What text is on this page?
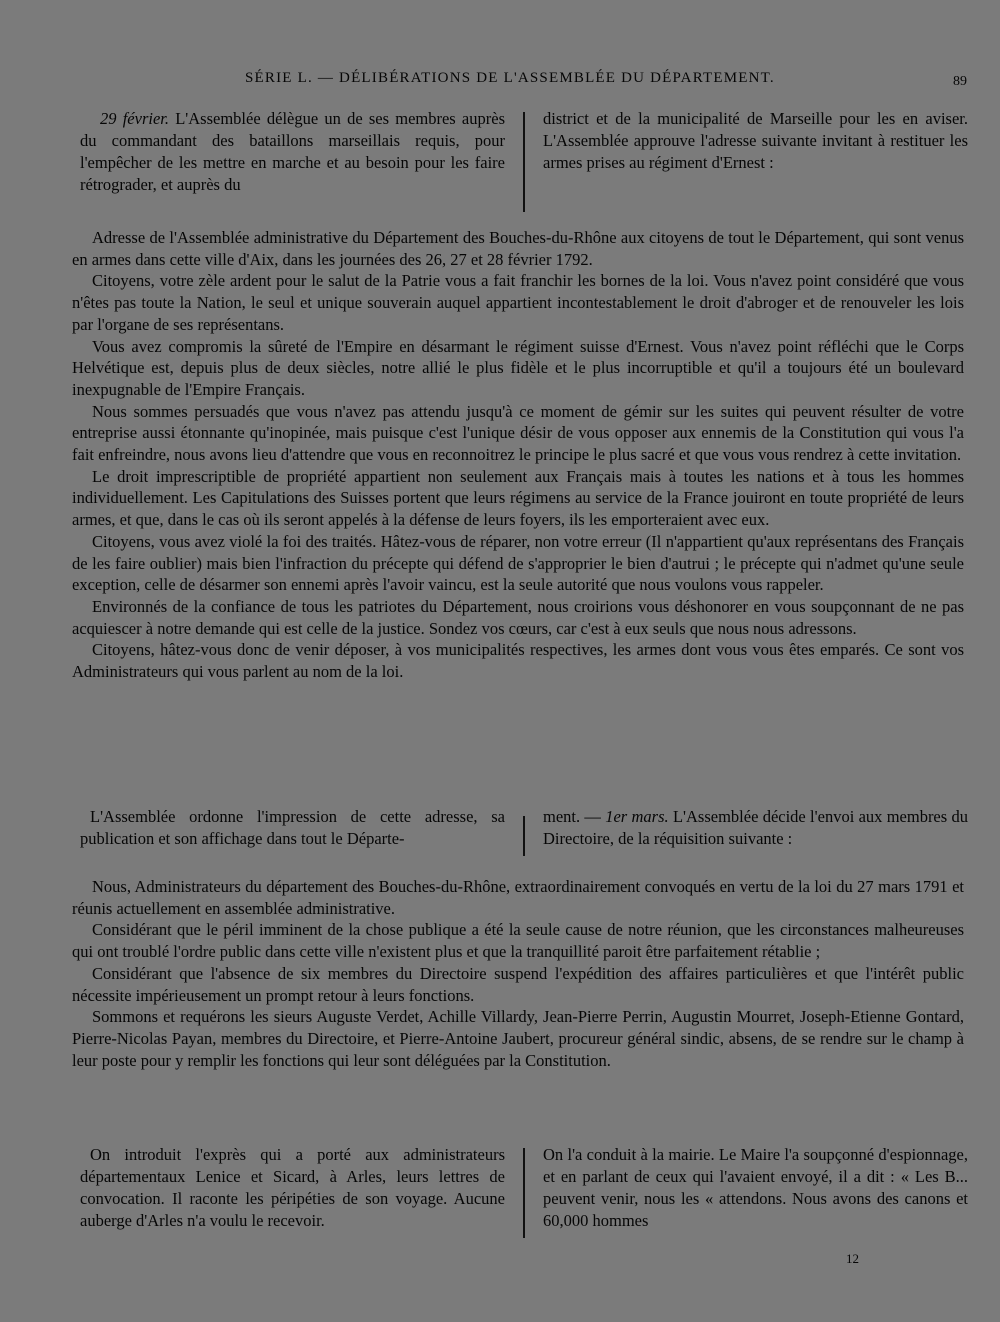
SÉRIE L. — DÉLIBÉRATIONS DE L'ASSEMBLÉE DU DÉPARTEMENT.	89
29 février. L'Assemblée délègue un de ses membres auprès du commandant des bataillons marseillais requis, pour l'empêcher de les mettre en marche et au besoin pour les faire rétrograder, et auprès du
district et de la municipalité de Marseille pour les en aviser. L'Assemblée approuve l'adresse suivante invitant à restituer les armes prises au régiment d'Ernest :

Adresse de l'Assemblée administrative du Département des Bouches-du-Rhône aux citoyens de tout le Département, qui sont venus en armes dans cette ville d'Aix, dans les journées des 26, 27 et 28 février 1792.

Citoyens, votre zèle ardent pour le salut de la Patrie vous a fait franchir les bornes de la loi. Vous n'avez point considéré que vous n'êtes pas toute la Nation, le seul et unique souverain auquel appartient incontestablement le droit d'abroger et de renouveler les lois par l'organe de ses représentans.

Vous avez compromis la sûreté de l'Empire en désarmant le régiment suisse d'Ernest. Vous n'avez point réfléchi que le Corps Helvétique est, depuis plus de deux siècles, notre allié le plus fidèle et le plus incorruptible et qu'il a toujours été un boulevard inexpugnable de l'Empire Français.

Nous sommes persuadés que vous n'avez pas attendu jusqu'à ce moment de gémir sur les suites qui peuvent résulter de votre entreprise aussi étonnante qu'inopinée, mais puisque c'est l'unique désir de vous opposer aux ennemis de la Constitution qui vous l'a fait enfreindre, nous avons lieu d'attendre que vous en reconnoitrez le principe le plus sacré et que vous vous rendrez à cette invitation.

Le droit imprescriptible de propriété appartient non seulement aux Français mais à toutes les nations et à tous les hommes individuellement. Les Capitulations des Suisses portent que leurs régimens au service de la France jouiront en toute propriété de leurs armes, et que, dans le cas où ils seront appelés à la défense de leurs foyers, ils les emporteraient avec eux.

Citoyens, vous avez violé la foi des traités. Hâtez-vous de réparer, non votre erreur (Il n'appartient qu'aux représentans des Français de les faire oublier) mais bien l'infraction du précepte qui défend de s'approprier le bien d'autrui ; le précepte qui n'admet qu'une seule exception, celle de désarmer son ennemi après l'avoir vaincu, est la seule autorité que nous voulons vous rappeler.

Environnés de la confiance de tous les patriotes du Département, nous croirions vous déshonorer en vous soupçonnant de ne pas acquiescer à notre demande qui est celle de la justice. Sondez vos cœurs, car c'est à eux seuls que nous nous adressons.

Citoyens, hâtez-vous donc de venir déposer, à vos municipalités respectives, les armes dont vous vous êtes emparés. Ce sont vos Administrateurs qui vous parlent au nom de la loi.

L'Assemblée ordonne l'impression de cette adresse, sa publication et son affichage dans tout le Départe-
ment. — 1er mars. L'Assemblée décide l'envoi aux membres du Directoire, de la réquisition suivante :

Nous, Administrateurs du département des Bouches-du-Rhône, extraordinairement convoqués en vertu de la loi du 27 mars 1791 et réunis actuellement en assemblée administrative.

Considérant que le péril imminent de la chose publique a été la seule cause de notre réunion, que les circonstances malheureuses qui ont troublé l'ordre public dans cette ville n'existent plus et que la tranquillité paroit être parfaitement rétablie ;

Considérant que l'absence de six membres du Directoire suspend l'expédition des affaires particulières et que l'intérêt public nécessite impérieusement un prompt retour à leurs fonctions.

Sommons et requérons les sieurs Auguste Verdet, Achille Villardy, Jean-Pierre Perrin, Augustin Mourret, Joseph-Etienne Gontard, Pierre-Nicolas Payan, membres du Directoire, et Pierre-Antoine Jaubert, procureur général sindic, absens, de se rendre sur le champ à leur poste pour y remplir les fonctions qui leur sont déléguées par la Constitution.

On introduit l'exprès qui a porté aux administrateurs départementaux Lenice et Sicard, à Arles, leurs lettres de convocation. Il raconte les péripéties de son voyage. Aucune auberge d'Arles n'a voulu le recevoir.
On l'a conduit à la mairie. Le Maire l'a soupçonné d'espionnage, et en parlant de ceux qui l'avaient envoyé, il a dit : « Les B... peuvent venir, nous les « attendons. Nous avons des canons et 60,000 hommes
12
